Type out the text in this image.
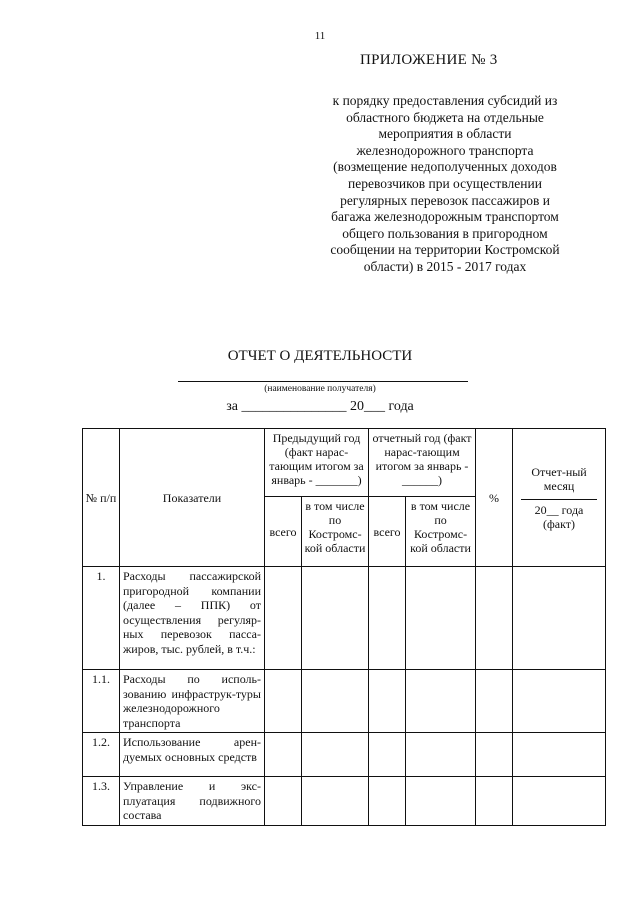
11
ПРИЛОЖЕНИЕ № 3
к порядку предоставления субсидий из
областного бюджета на отдельные
мероприятия в области
железнодорожного транспорта
(возмещение недополученных доходов
перевозчиков при осуществлении
регулярных перевозок пассажиров и
багажа железнодорожным транспортом
общего пользования в пригородном
сообщении на территории Костромской
области) в 2015 - 2017 годах
ОТЧЕТ О ДЕЯТЕЛЬНОСТИ
(наименование получателя)
за _______________ 20___ года
№ п/п	Показатели	Предыдущий год (факт нарас-тающим итогом за январь - _______)		отчетный год (факт нарас-тающим итогом за январь - ______)		%	Отчет-ный месяц
20__ года (факт)

		всего	в том числе по Костромс-кой области	всего	в том числе по Костромс-кой области		
1.	Расходы пассажирской пригородной компании (далее – ППК) от осуществления регуляр-ных перевозок пасса-жиров, тыс. рублей, в т.ч.:						
1.1.	Расходы по исполь-зованию инфраструк-туры железнодорожного транспорта						
1.2.	Использование арен-дуемых основных средств						
1.3.	Управление и экс-плуатация подвижного состава						
